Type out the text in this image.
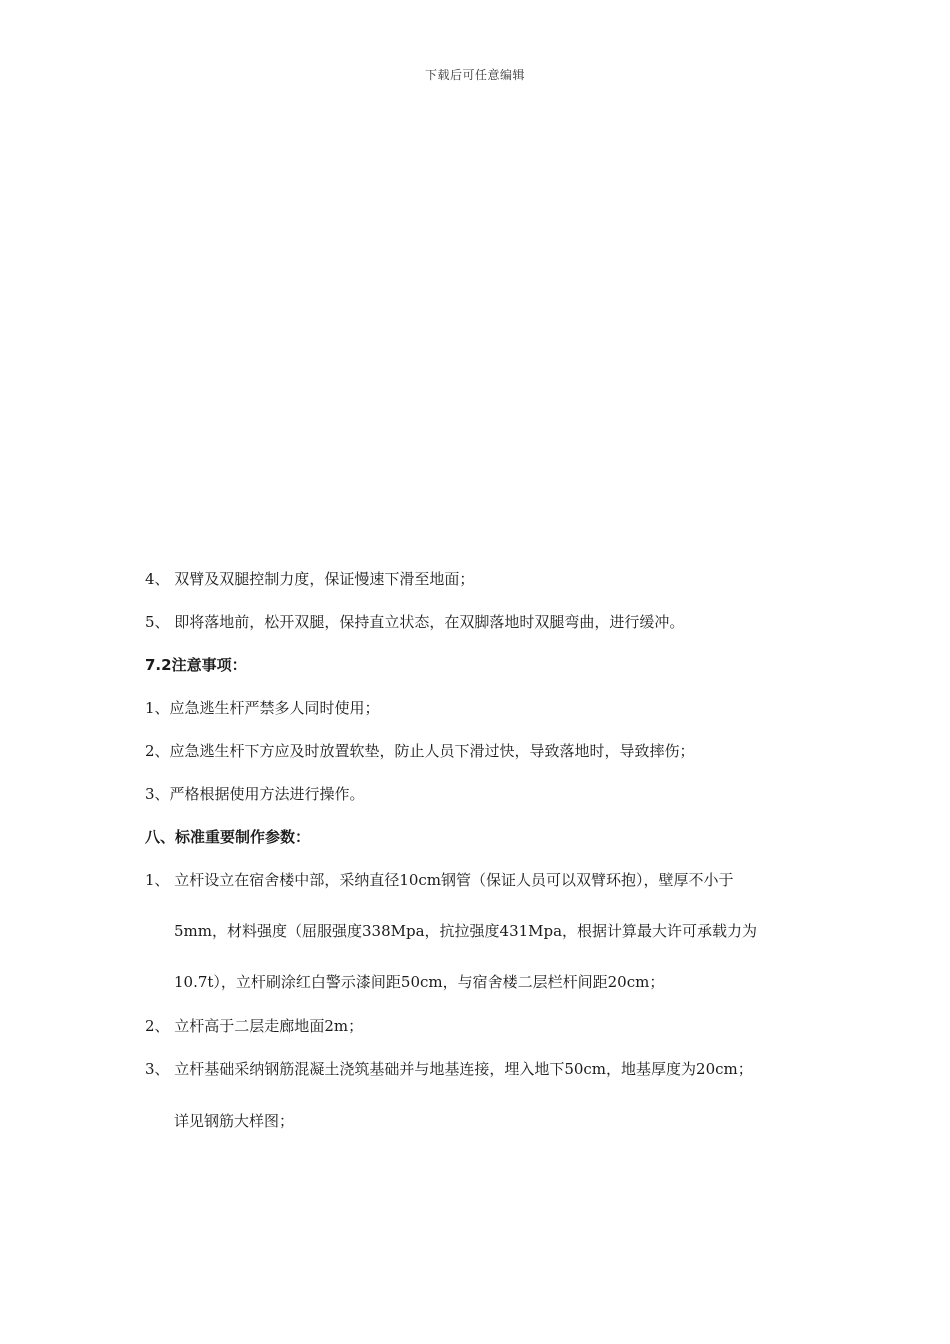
下载后可任意编辑
4、 双臂及双腿控制力度，保证慢速下滑至地面；
5、 即将落地前，松开双腿，保持直立状态，在双脚落地时双腿弯曲，进行缓冲。
7.2注意事项：
1、应急逃生杆严禁多人同时使用；
2、应急逃生杆下方应及时放置软垫，防止人员下滑过快，导致落地时，导致摔伤；
3、严格根据使用方法进行操作。
八、标准重要制作参数：
1、 立杆设立在宿舍楼中部，采纳直径10cm钢管（保证人员可以双臂环抱），壁厚不小于
5mm，材料强度（屈服强度338Mpa，抗拉强度431Mpa，根据计算最大许可承载力为
10.7t），立杆刷涂红白警示漆间距50cm，与宿舍楼二层栏杆间距20cm；
2、 立杆高于二层走廊地面2m；
3、 立杆基础采纳钢筋混凝土浇筑基础并与地基连接，埋入地下50cm，地基厚度为20cm；
详见钢筋大样图；
